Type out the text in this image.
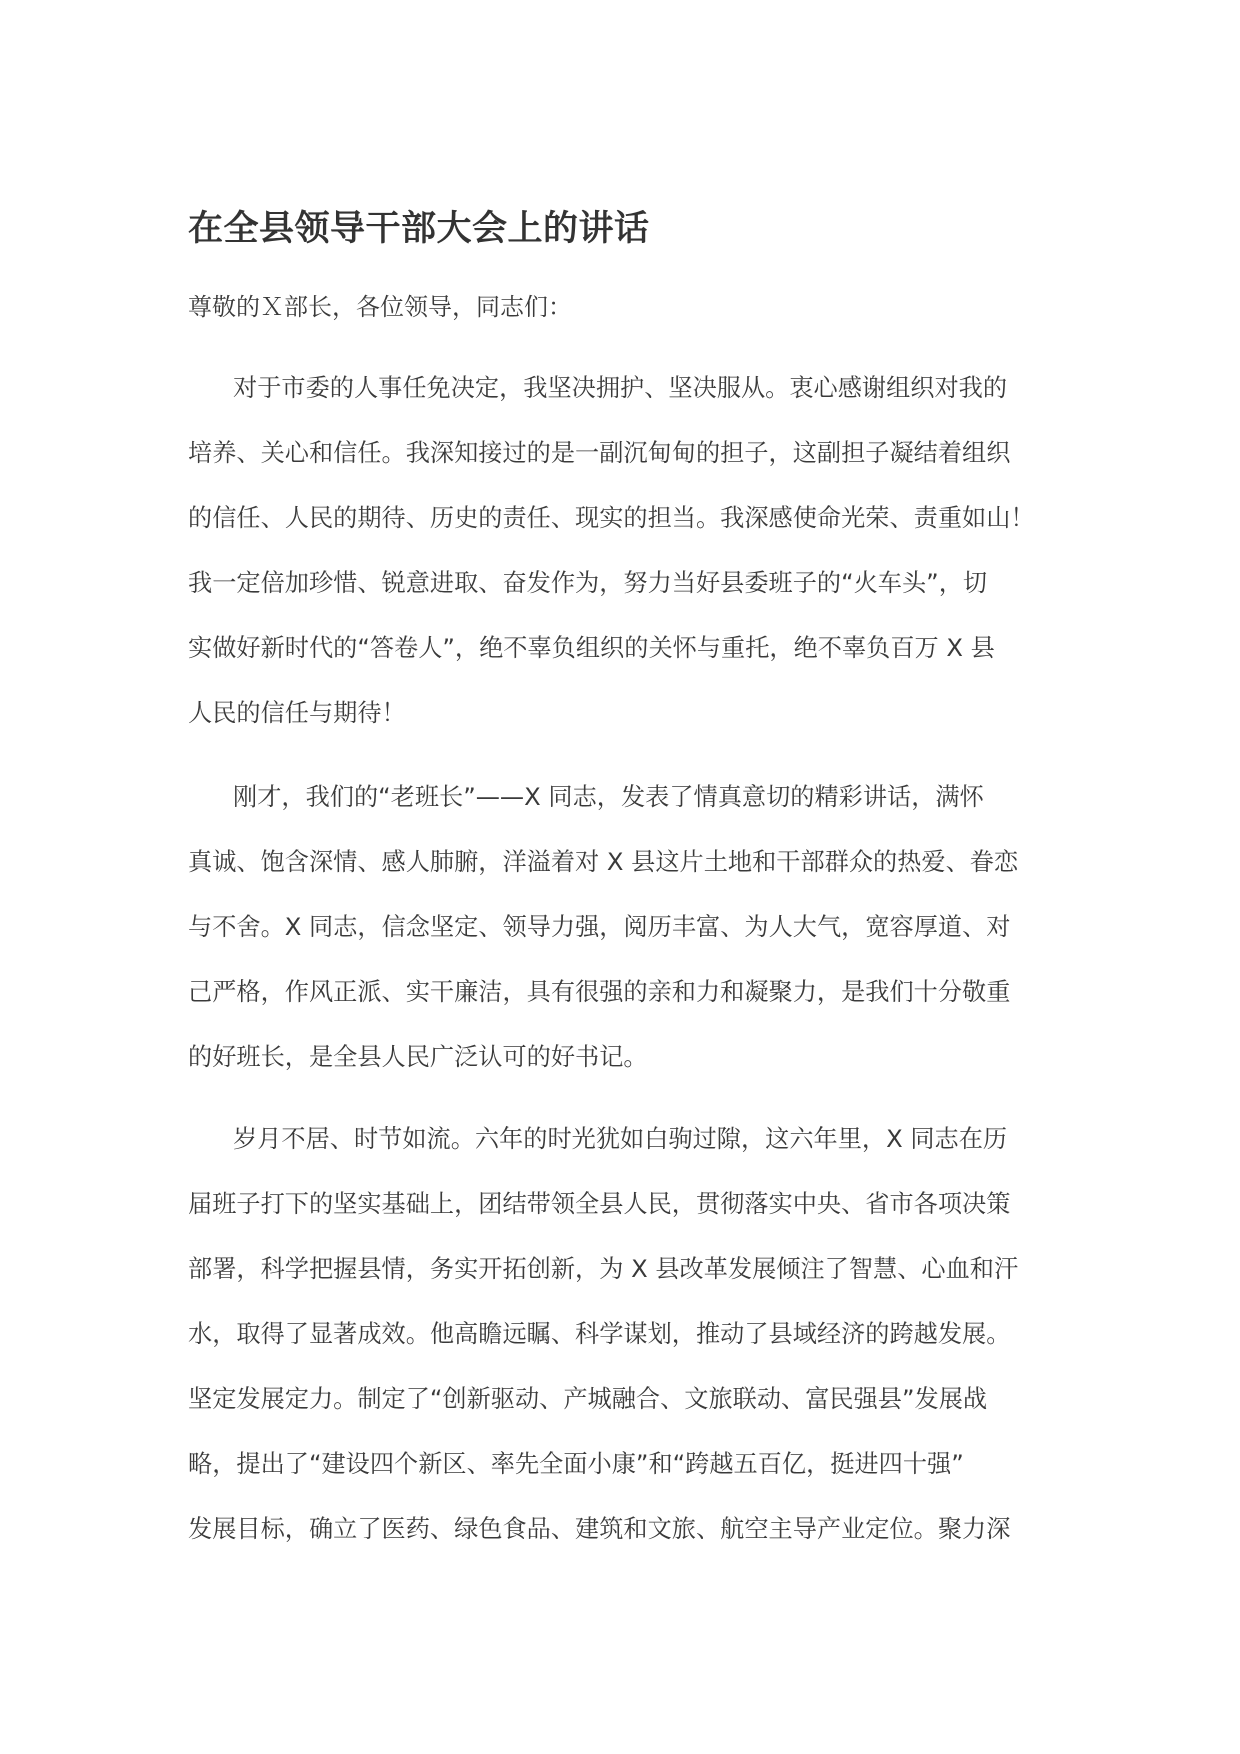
在全县领导干部大会上的讲话

尊敬的Ｘ部长，各位领导，同志们：

对于市委的人事任免决定，我坚决拥护、坚决服从。衷心感谢组织对我的
培养、关心和信任。我深知接过的是一副沉甸甸的担子，这副担子凝结着组织
的信任、人民的期待、历史的责任、现实的担当。我深感使命光荣、责重如山！
我一定倍加珍惜、锐意进取、奋发作为，努力当好县委班子的“火车头”，切
实做好新时代的“答卷人”，绝不辜负组织的关怀与重托，绝不辜负百万 X 县
人民的信任与期待！
刚才，我们的“老班长”——X 同志，发表了情真意切的精彩讲话，满怀
真诚、饱含深情、感人肺腑，洋溢着对 X 县这片土地和干部群众的热爱、眷恋
与不舍。X 同志，信念坚定、领导力强，阅历丰富、为人大气，宽容厚道、对
己严格，作风正派、实干廉洁，具有很强的亲和力和凝聚力，是我们十分敬重
的好班长，是全县人民广泛认可的好书记。
岁月不居、时节如流。六年的时光犹如白驹过隙，这六年里，X 同志在历
届班子打下的坚实基础上，团结带领全县人民，贯彻落实中央、省市各项决策
部署，科学把握县情，务实开拓创新，为 X 县改革发展倾注了智慧、心血和汗
水，取得了显著成效。他高瞻远瞩、科学谋划，推动了县域经济的跨越发展。
坚定发展定力。制定了“创新驱动、产城融合、文旅联动、富民强县”发展战
略，提出了“建设四个新区、率先全面小康”和“跨越五百亿，挺进四十强”
发展目标，确立了医药、绿色食品、建筑和文旅、航空主导产业定位。聚力深
